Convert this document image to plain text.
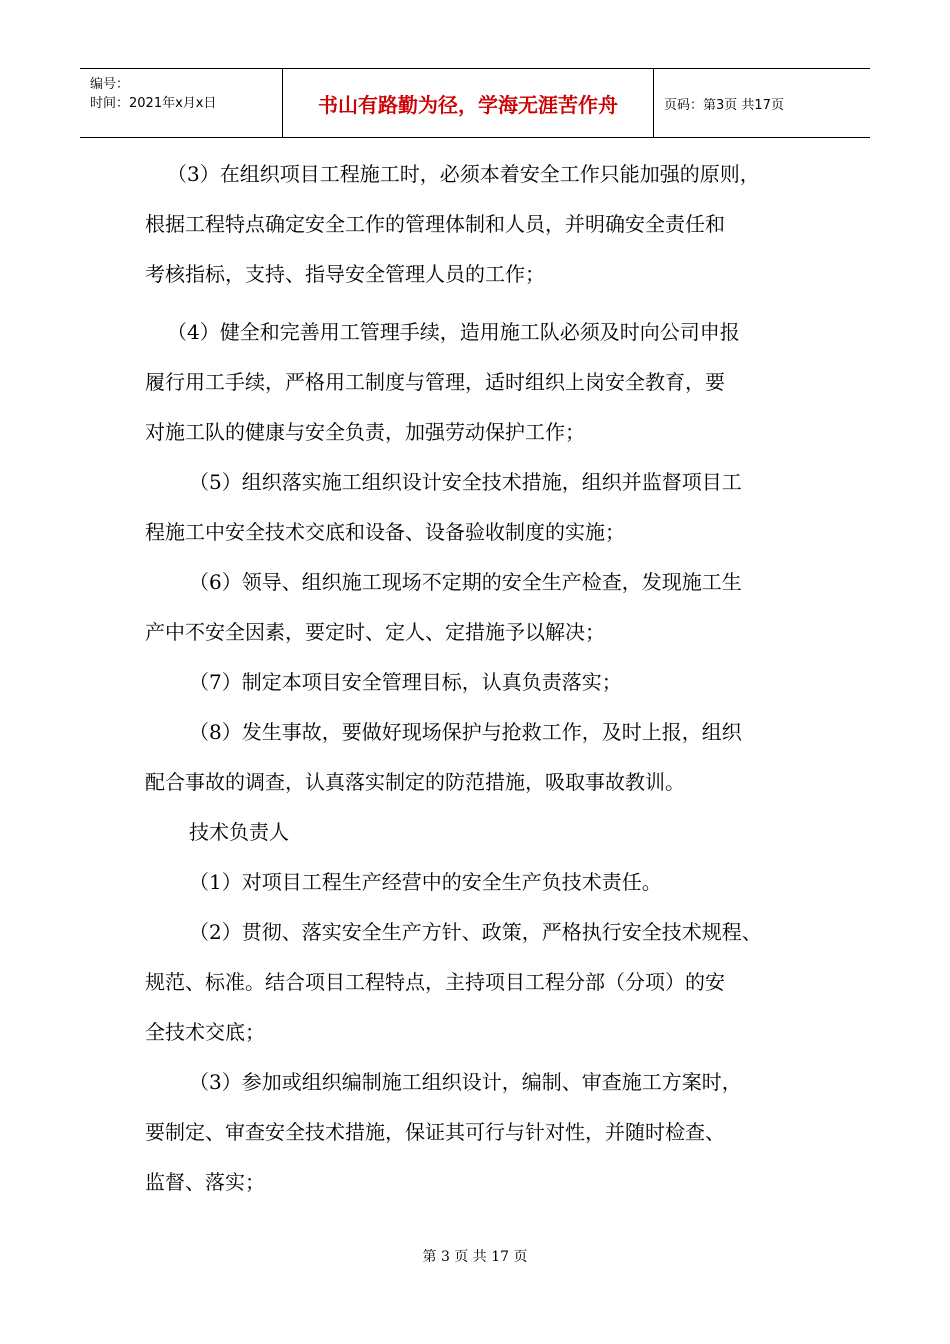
编号：
时间：2021年x月x日	书山有路勤为径，学海无涯苦作舟	页码：第3页 共17页
（3）在组织项目工程施工时，必须本着安全工作只能加强的原则，
根据工程特点确定安全工作的管理体制和人员，并明确安全责任和
考核指标，支持、指导安全管理人员的工作；
（4）健全和完善用工管理手续，造用施工队必须及时向公司申报
履行用工手续，严格用工制度与管理，适时组织上岗安全教育，要
对施工队的健康与安全负责，加强劳动保护工作；
（5）组织落实施工组织设计安全技术措施，组织并监督项目工
程施工中安全技术交底和设备、设备验收制度的实施；
（6）领导、组织施工现场不定期的安全生产检查，发现施工生
产中不安全因素，要定时、定人、定措施予以解决；
（7）制定本项目安全管理目标，认真负责落实；
（8）发生事故，要做好现场保护与抢救工作，及时上报，组织
配合事故的调查，认真落实制定的防范措施，吸取事故教训。
技术负责人
（1）对项目工程生产经营中的安全生产负技术责任。
（2）贯彻、落实安全生产方针、政策，严格执行安全技术规程、
规范、标准。结合项目工程特点，主持项目工程分部（分项）的安
全技术交底；
（3）参加或组织编制施工组织设计，编制、审查施工方案时，
要制定、审查安全技术措施，保证其可行与针对性，并随时检查、
监督、落实；
第 3 页 共 17 页
